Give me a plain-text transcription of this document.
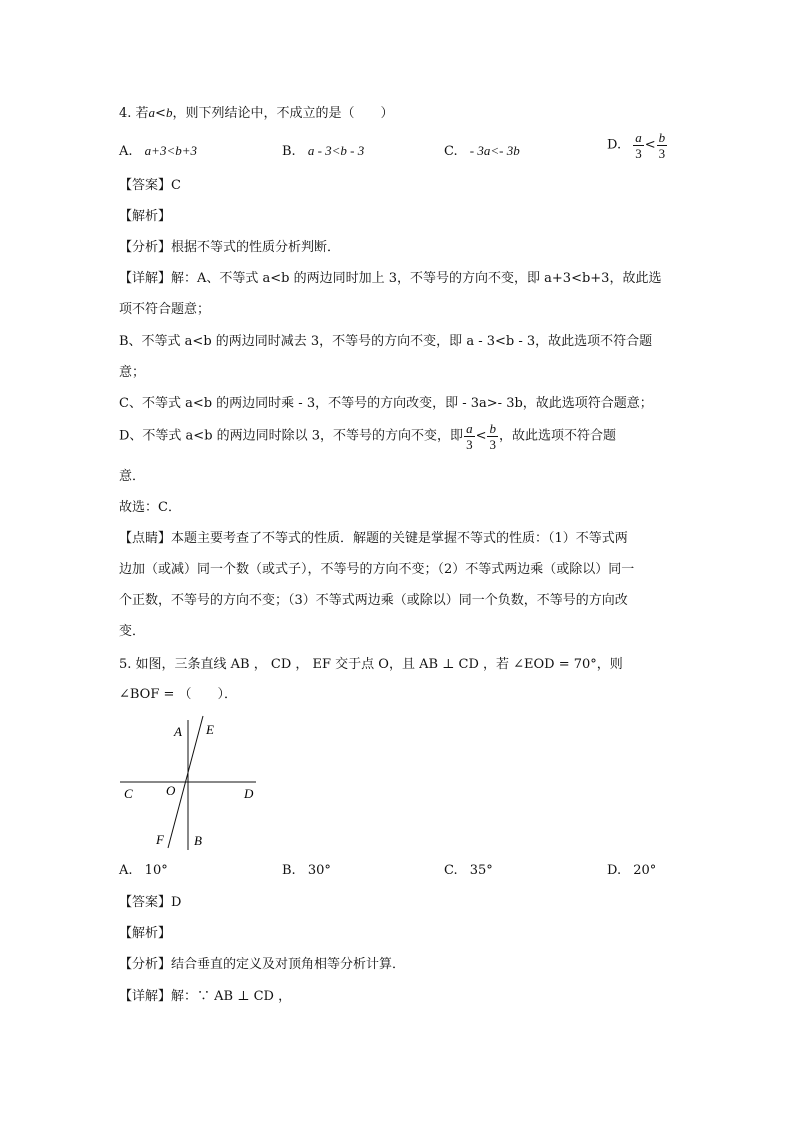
4. 若a<b，则下列结论中，不成立的是（　　）
A. a+3<b+3	B. a - 3<b - 3	C. - 3a<- 3b	D. $\frac{a}{3} < \frac{b}{3}$
【答案】C
【解析】
【分析】根据不等式的性质分析判断．
【详解】解：A、不等式 a<b 的两边同时加上 3，不等号的方向不变，即 a+3<b+3，故此选
项不符合题意；
B、不等式 a<b 的两边同时减去 3，不等号的方向不变，即 a - 3<b - 3，故此选项不符合题
意；
C、不等式 a<b 的两边同时乘 - 3，不等号的方向改变，即 - 3a>- 3b，故此选项符合题意；
D、不等式 a<b 的两边同时除以 3，不等号的方向不变，即 $\frac{a}{3} < \frac{b}{3}$ ，故此选项不符合题
意．
故选：C．
【点睛】本题主要考查了不等式的性质．解题的关键是掌握不等式的性质：（1）不等式两
边加（或减）同一个数（或式子），不等号的方向不变；（2）不等式两边乘（或除以）同一
个正数，不等号的方向不变；（3）不等式两边乘（或除以）同一个负数，不等号的方向改
变．
5. 如图，三条直线 AB ， CD ， EF 交于点 O，且 AB ⊥ CD ，若 ∠EOD = 70°，则
∠BOF = （　　）．
A E
C	O	D
F B
A. 10°	B. 30°	C. 35°	D. 20°
【答案】D
【解析】
【分析】结合垂直的定义及对顶角相等分析计算．
【详解】解：∵ AB ⊥ CD ，
